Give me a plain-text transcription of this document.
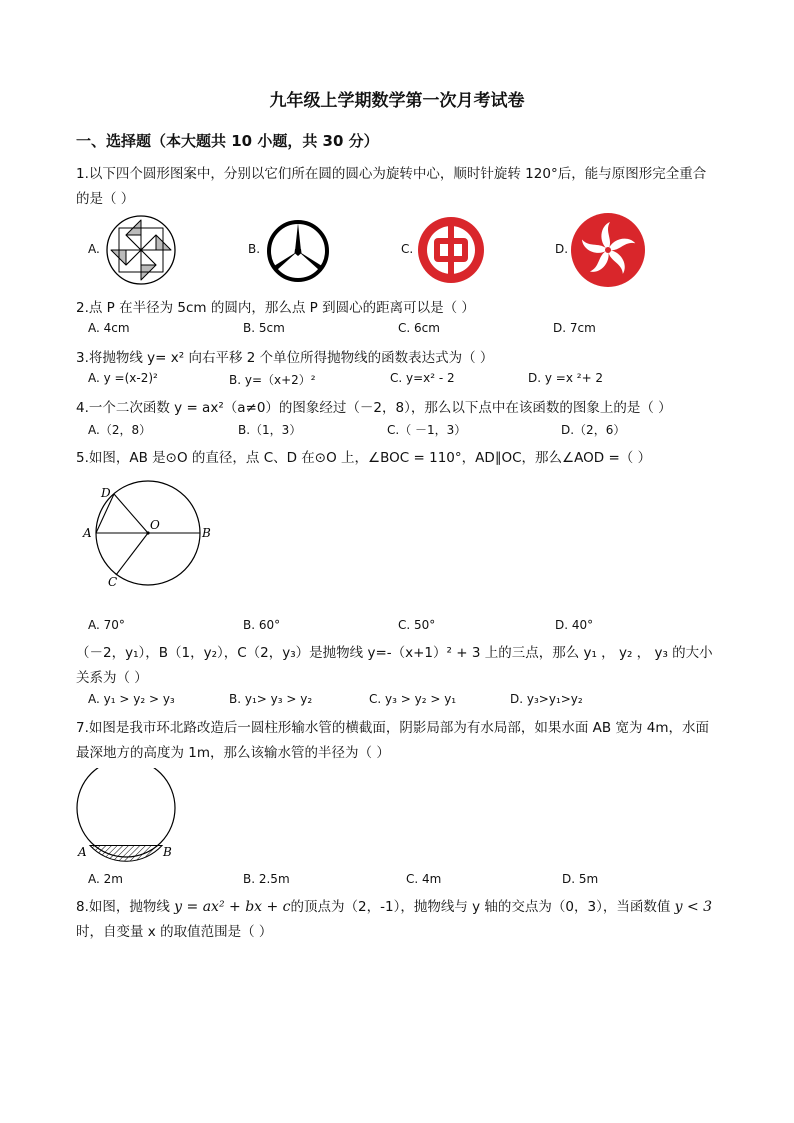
九年级上学期数学第一次月考试卷
一、选择题（本大题共 10 小题，共 30 分）
1.以下四个圆形图案中，分别以它们所在圆的圆心为旋转中心，顺时针旋转 120°后，能与原图形完全重合
的是（ ）
A.	B.	C.	D.
2.点 P 在半径为 5cm 的圆内，那么点 P 到圆心的距离可以是（ ）
A. 4cm	B. 5cm	C. 6cm	D. 7cm
3.将抛物线 y= x² 向右平移 2 个单位所得抛物线的函数表达式为（ ）
A. y =(x-2)²	B. y=（x+2）²	C. y=x² - 2	D. y =x ²+ 2
4.一个二次函数 y = ax²（a≠0）的图象经过（－2，8），那么以下点中在该函数的图象上的是（ ）
A.（2，8）	B.（1，3）	C.（ －1，3）	D.（2，6）
5.如图，AB 是⊙O 的直径，点 C、D 在⊙O 上，∠BOC = 110°，AD∥OC，那么∠AOD =（ ）
D
A
O
B
C
A. 70°	B. 60°	C. 50°	D. 40°
（－2，y₁），B（1，y₂），C（2，y₃）是抛物线 y=-（x+1）² + 3 上的三点，那么 y₁ ， y₂ ， y₃ 的大小
关系为（ ）
A. y₁ > y₂ > y₃	B. y₁> y₃ > y₂	C. y₃ > y₂ > y₁	D. y₃>y₁>y₂
7.如图是我市环北路改造后一圆柱形输水管的横截面，阴影局部为有水局部，如果水面 AB 宽为 4m，水面
最深地方的高度为 1m，那么该输水管的半径为（ ）
A	B
A. 2m	B. 2.5m	C. 4m	D. 5m
8.如图，抛物线 y = ax² + bx + c的顶点为（2，-1），抛物线与 y 轴的交点为（0，3），当函数值 y < 3
时，自变量 x 的取值范围是（ ）
